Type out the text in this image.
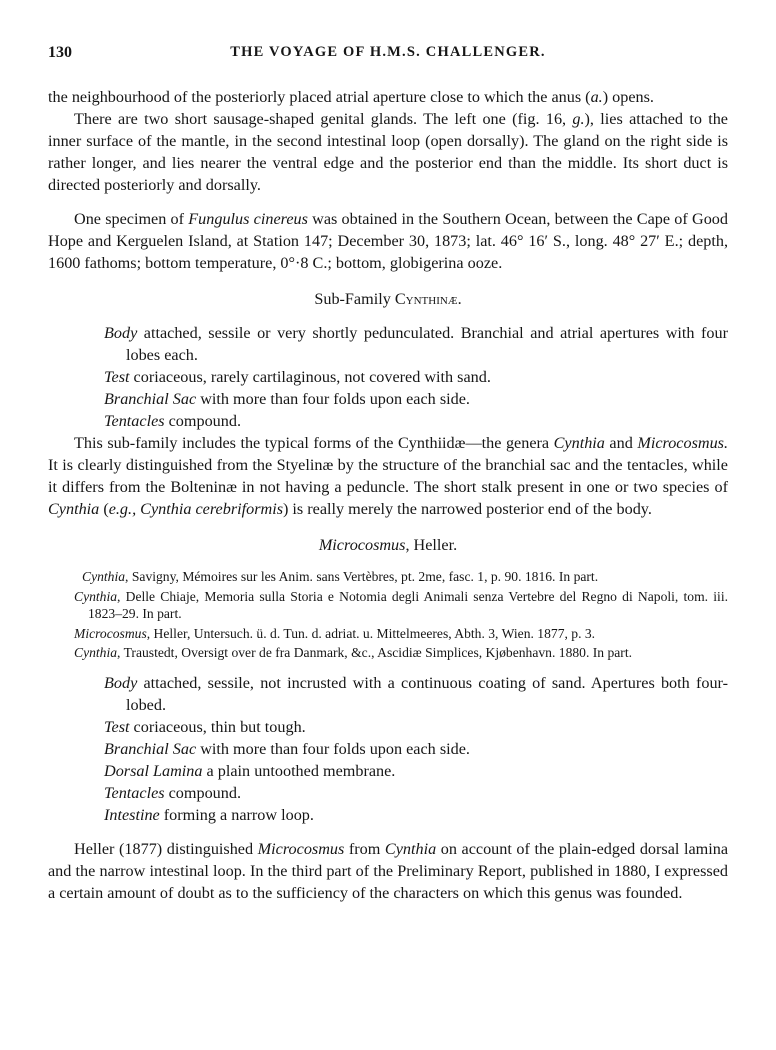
130	THE VOYAGE OF H.M.S. CHALLENGER.

the neighbourhood of the posteriorly placed atrial aperture close to which the anus (a.) opens.

There are two short sausage-shaped genital glands. The left one (fig. 16, g.), lies attached to the inner surface of the mantle, in the second intestinal loop (open dorsally). The gland on the right side is rather longer, and lies nearer the ventral edge and the posterior end than the middle. Its short duct is directed posteriorly and dorsally.

One specimen of Fungulus cinereus was obtained in the Southern Ocean, between the Cape of Good Hope and Kerguelen Island, at Station 147; December 30, 1873; lat. 46° 16′ S., long. 48° 27′ E.; depth, 1600 fathoms; bottom temperature, 0°·8 C.; bottom, globigerina ooze.

Sub-Family Cynthinæ.
Body attached, sessile or very shortly pedunculated. Branchial and atrial apertures with four lobes each.
Test coriaceous, rarely cartilaginous, not covered with sand.
Branchial Sac with more than four folds upon each side.
Tentacles compound.

This sub-family includes the typical forms of the Cynthiidæ—the genera Cynthia and Microcosmus. It is clearly distinguished from the Styelinæ by the structure of the branchial sac and the tentacles, while it differs from the Bolteninæ in not having a peduncle. The short stalk present in one or two species of Cynthia (e.g., Cynthia cerebriformis) is really merely the narrowed posterior end of the body.

Microcosmus, Heller.
Cynthia, Savigny, Mémoires sur les Anim. sans Vertèbres, pt. 2me, fasc. 1, p. 90. 1816. In part.
Cynthia, Delle Chiaje, Memoria sulla Storia e Notomia degli Animali senza Vertebre del Regno di Napoli, tom. iii. 1823–29. In part.
Microcosmus, Heller, Untersuch. ü. d. Tun. d. adriat. u. Mittelmeeres, Abth. 3, Wien. 1877, p. 3.
Cynthia, Traustedt, Oversigt over de fra Danmark, &c., Ascidiæ Simplices, Kjøbenhavn. 1880. In part.
Body attached, sessile, not incrusted with a continuous coating of sand. Apertures both four-lobed.
Test coriaceous, thin but tough.
Branchial Sac with more than four folds upon each side.
Dorsal Lamina a plain untoothed membrane.
Tentacles compound.
Intestine forming a narrow loop.

Heller (1877) distinguished Microcosmus from Cynthia on account of the plain-edged dorsal lamina and the narrow intestinal loop. In the third part of the Preliminary Report, published in 1880, I expressed a certain amount of doubt as to the sufficiency of the characters on which this genus was founded.
